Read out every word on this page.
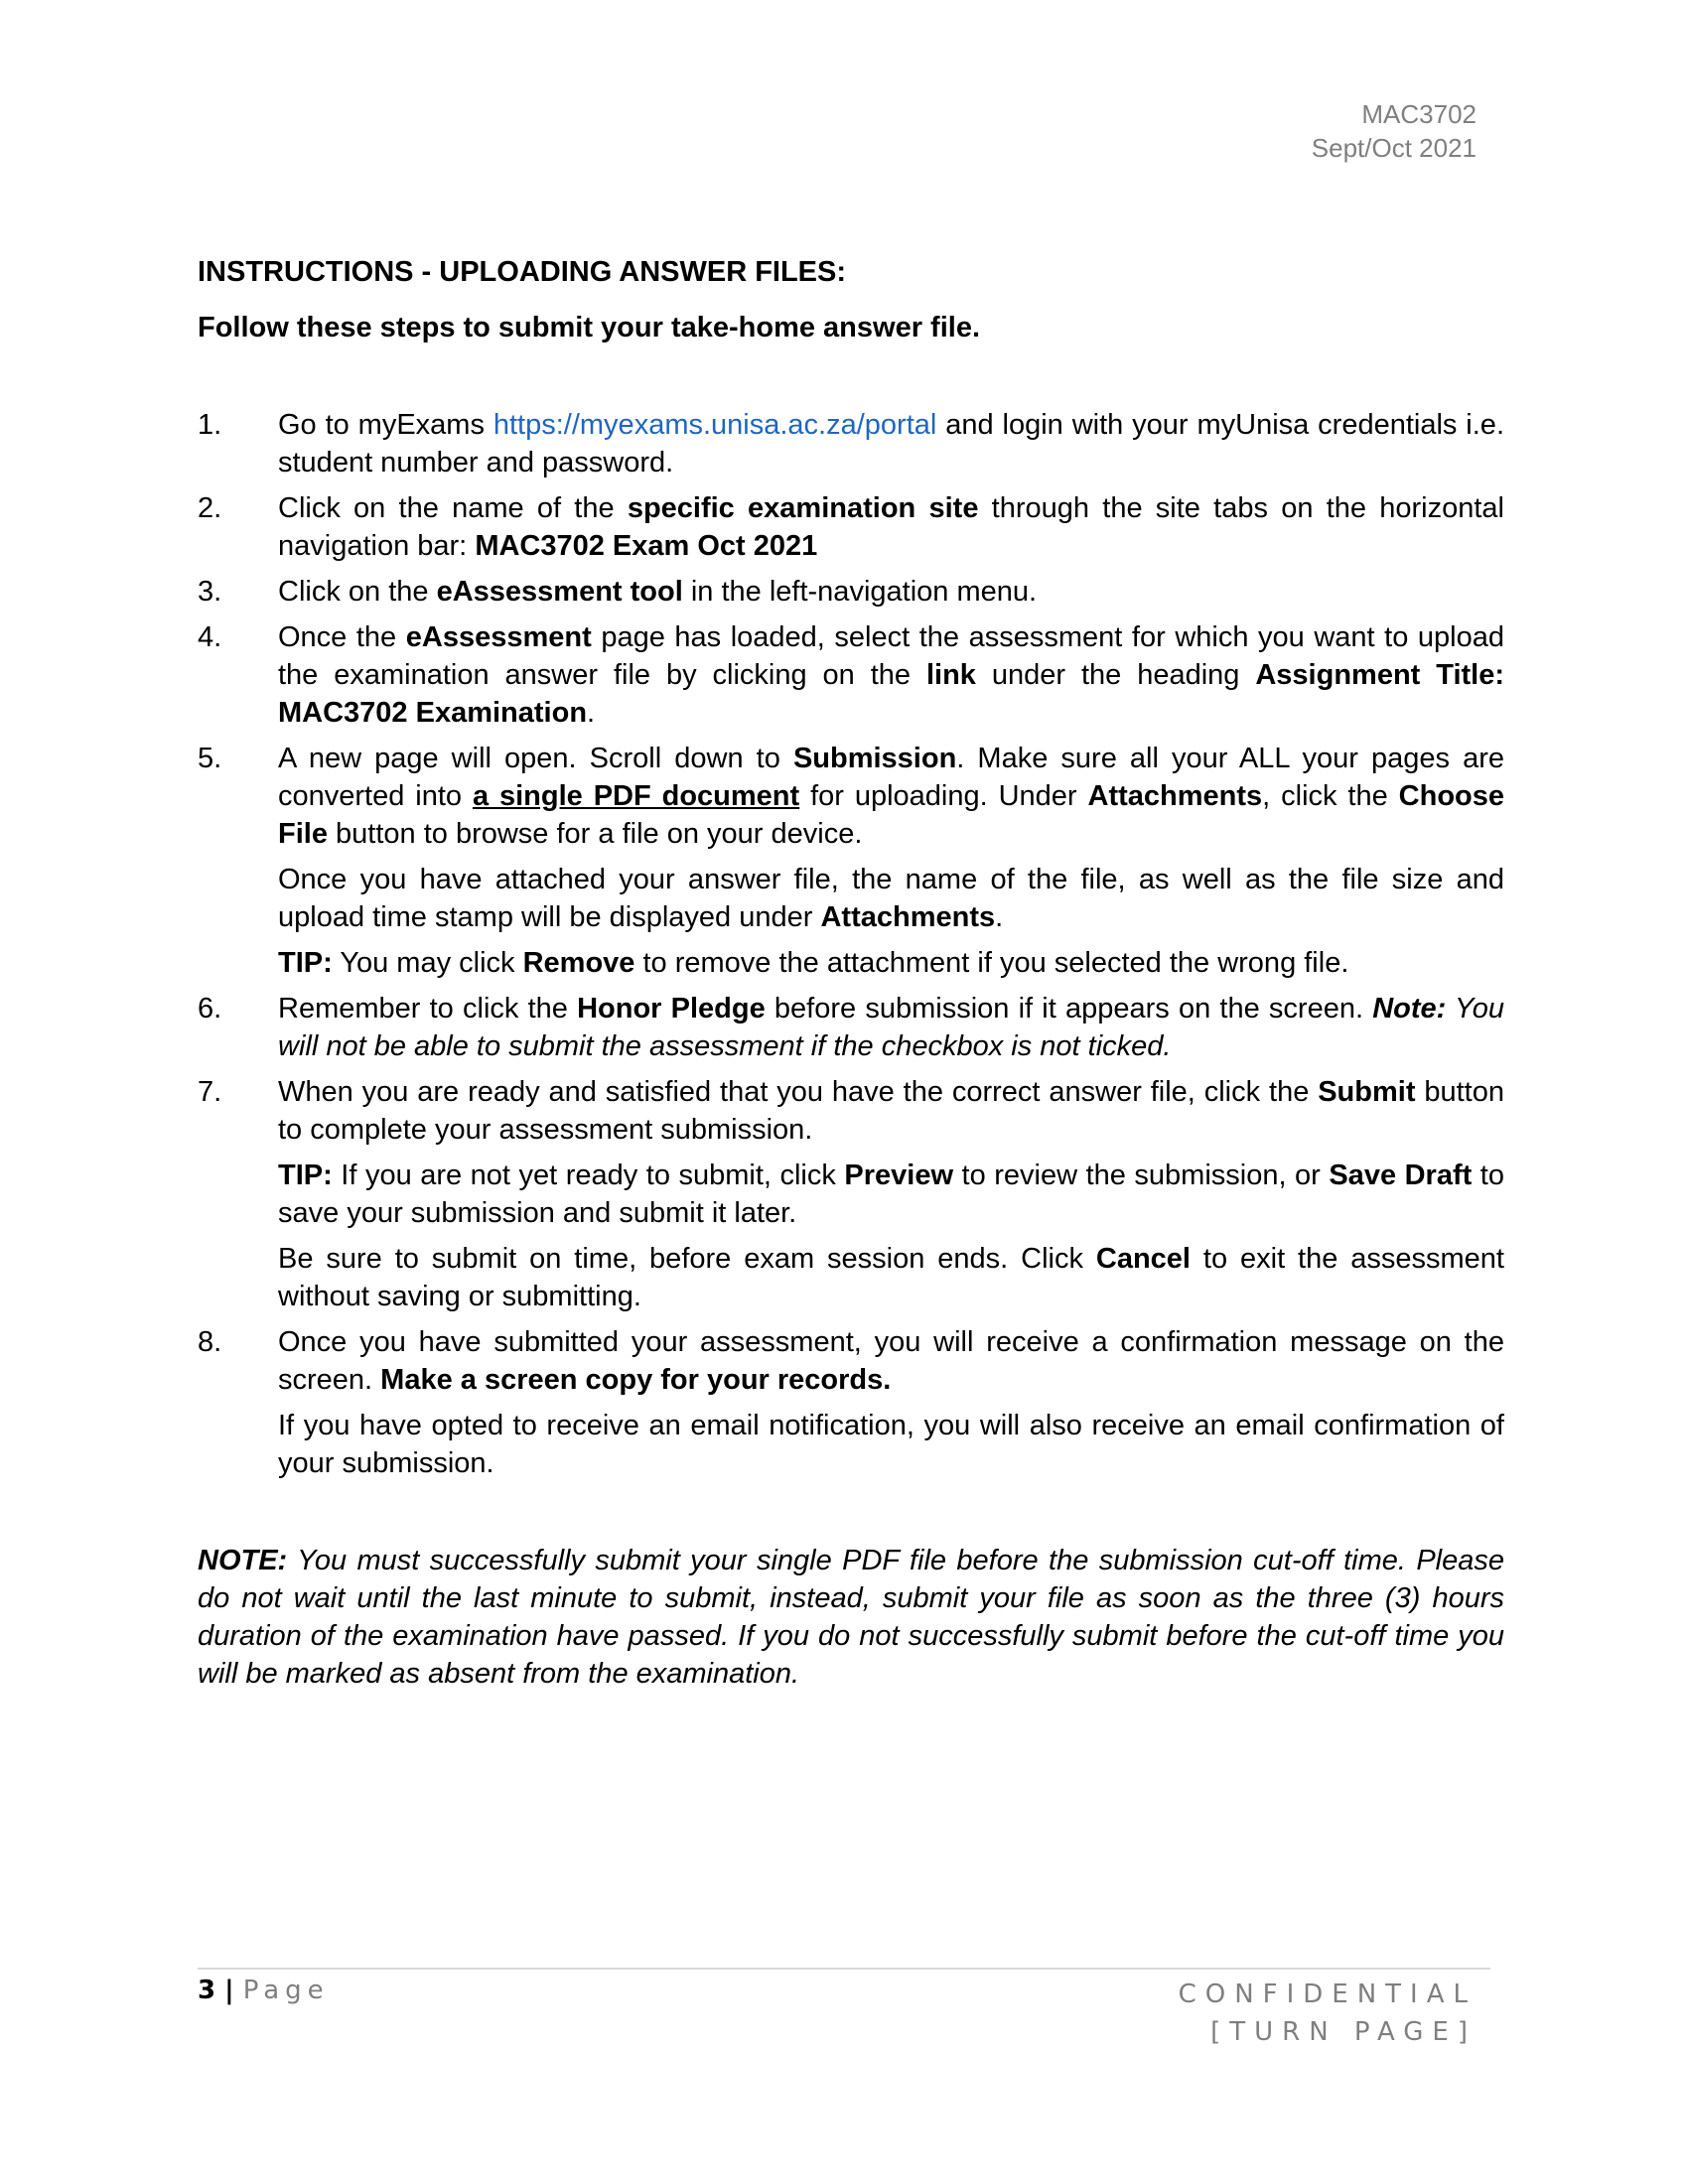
MAC3702
Sept/Oct 2021
INSTRUCTIONS - UPLOADING ANSWER FILES:
Follow these steps to submit your take-home answer file.
1.	Go to myExams https://myexams.unisa.ac.za/portal and login with your myUnisa credentials i.e. student number and password.
2.	Click on the name of the specific examination site through the site tabs on the horizontal navigation bar: MAC3702 Exam Oct 2021
3.	Click on the eAssessment tool in the left-navigation menu.
4.	Once the eAssessment page has loaded, select the assessment for which you want to upload the examination answer file by clicking on the link under the heading Assignment Title: MAC3702 Examination.
5.	A new page will open. Scroll down to Submission. Make sure all your ALL your pages are converted into a single PDF document for uploading. Under Attachments, click the Choose File button to browse for a file on your device.
Once you have attached your answer file, the name of the file, as well as the file size and upload time stamp will be displayed under Attachments.
TIP: You may click Remove to remove the attachment if you selected the wrong file.
6.	Remember to click the Honor Pledge before submission if it appears on the screen. Note: You will not be able to submit the assessment if the checkbox is not ticked.
7.	When you are ready and satisfied that you have the correct answer file, click the Submit button to complete your assessment submission.
TIP: If you are not yet ready to submit, click Preview to review the submission, or Save Draft to save your submission and submit it later.
Be sure to submit on time, before exam session ends. Click Cancel to exit the assessment without saving or submitting.
8.	Once you have submitted your assessment, you will receive a confirmation message on the screen. Make a screen copy for your records.
If you have opted to receive an email notification, you will also receive an email confirmation of your submission.
NOTE: You must successfully submit your single PDF file before the submission cut-off time. Please do not wait until the last minute to submit, instead, submit your file as soon as the three (3) hours duration of the examination have passed. If you do not successfully submit before the cut-off time you will be marked as absent from the examination.
3 | Page	CONFIDENTIAL
[TURN PAGE]
